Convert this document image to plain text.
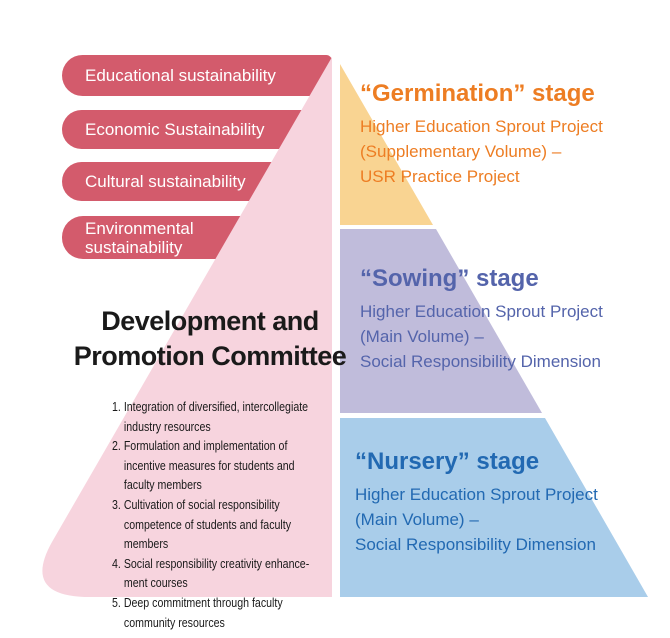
Educational sustainability
Economic Sustainability
Cultural sustainability
Environmental sustainability
Development and
Promotion Committee
1. Integration of diversified, intercollegiate
industry resources
2. Formulation and implementation of
incentive measures for students and
faculty members
3. Cultivation of social responsibility
competence of students and faculty
members
4. Social responsibility creativity enhance-
ment courses
5. Deep commitment through faculty
community resources
“Germination” stage
Higher Education Sprout Project
(Supplementary Volume) –
USR Practice Project
“Sowing” stage
Higher Education Sprout Project
(Main Volume) –
Social Responsibility Dimension
“Nursery” stage
Higher Education Sprout Project
(Main Volume) –
Social Responsibility Dimension
